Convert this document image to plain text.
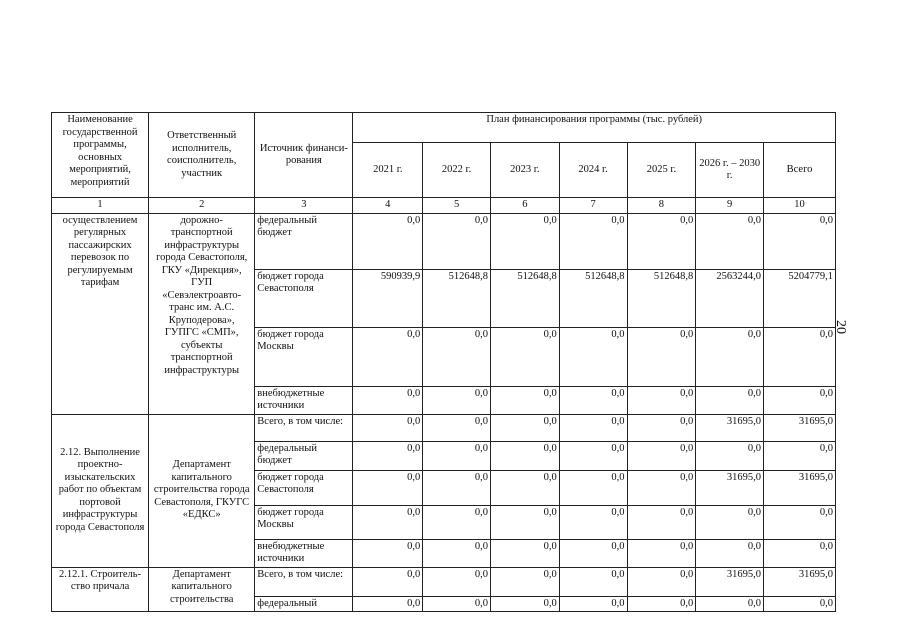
Наименование государственной программы, основных мероприятий, мероприятий	Ответственный исполнитель, соисполнитель, участник	Источник финанси-рования	План финансирования программы (тыс. рублей)						
			2021 г.	2022 г.	2023 г.	2024 г.	2025 г.	2026 г. – 2030 г.	Всего
1	2	3	4	5	6	7	8	9	10
осуществлением регулярных пассажирских перевозок по регулируемым тарифам	дорожно-транспортной инфраструктуры города Севастополя, ГКУ «Дирекция», ГУП «Севэлектроавто-транс им. А.С. Круподерова», ГУПГС «СМП», субъекты транспортной инфраструктуры	федеральный бюджет	0,0	0,0	0,0	0,0	0,0	0,0	0,0
		бюджет города Севастополя	590939,9	512648,8	512648,8	512648,8	512648,8	2563244,0	5204779,1
		бюджет города Москвы	0,0	0,0	0,0	0,0	0,0	0,0	0,0
		внебюджетные источники	0,0	0,0	0,0	0,0	0,0	0,0	0,0
2.12. Выполнение проектно-изыскательских работ по объектам портовой инфраструктуры города Севастополя	Департамент капитального строительства города Севастополя, ГКУГС «ЕДКС»	Всего, в том числе:	0,0	0,0	0,0	0,0	0,0	31695,0	31695,0
		федеральный бюджет	0,0	0,0	0,0	0,0	0,0	0,0	0,0
		бюджет города Севастополя	0,0	0,0	0,0	0,0	0,0	31695,0	31695,0
		бюджет города Москвы	0,0	0,0	0,0	0,0	0,0	0,0	0,0
		внебюджетные источники	0,0	0,0	0,0	0,0	0,0	0,0	0,0
2.12.1. Строитель-ство причала	Департамент капитального строительства	Всего, в том числе:	0,0	0,0	0,0	0,0	0,0	31695,0	31695,0
		федеральный	0,0	0,0	0,0	0,0	0,0	0,0	0,0
20
